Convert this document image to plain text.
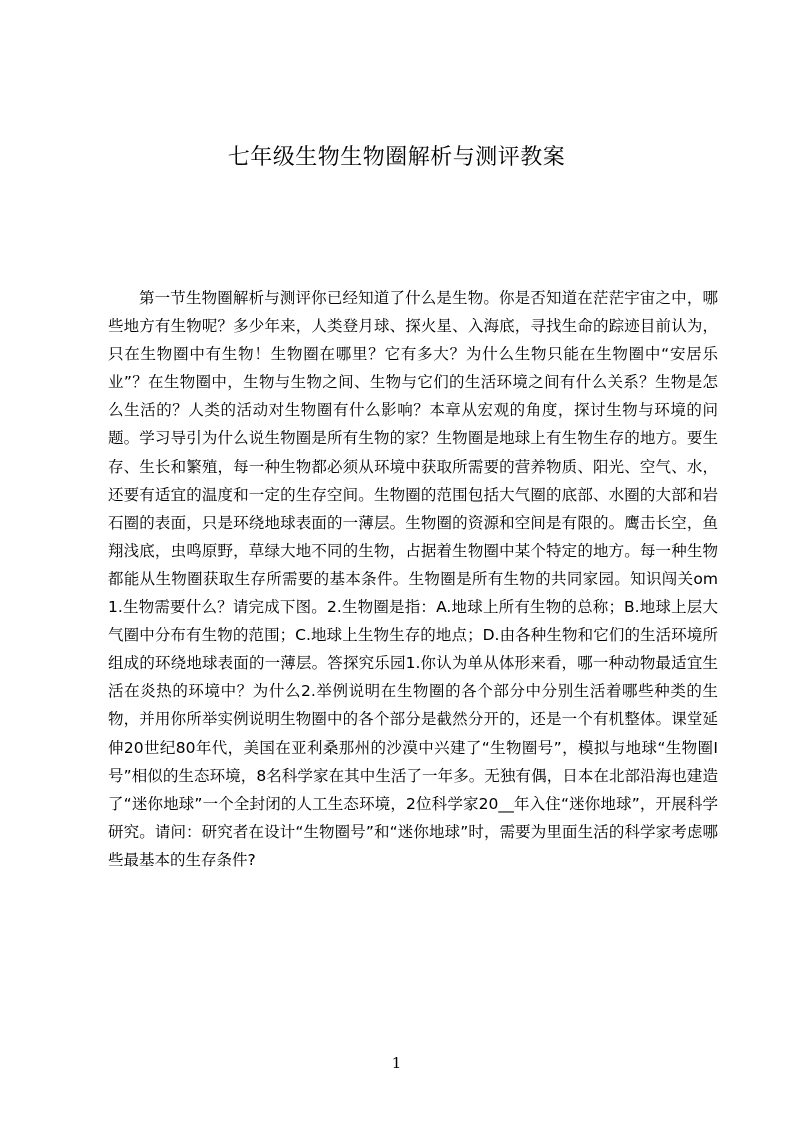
七年级生物生物圈解析与测评教案

第一节生物圈解析与测评你已经知道了什么是生物。你是否知道在茫茫宇宙之中，哪些地方有生物呢？多少年来，人类登月球、探火星、入海底，寻找生命的踪迹目前认为，只在生物圈中有生物！生物圈在哪里？它有多大？为什么生物只能在生物圈中“安居乐业”？在生物圈中，生物与生物之间、生物与它们的生活环境之间有什么关系？生物是怎么生活的？人类的活动对生物圈有什么影响？本章从宏观的角度，探讨生物与环境的问题。学习导引为什么说生物圈是所有生物的家？生物圈是地球上有生物生存的地方。要生存、生长和繁殖，每一种生物都必须从环境中获取所需要的营养物质、阳光、空气、水，还要有适宜的温度和一定的生存空间。生物圈的范围包括大气圈的底部、水圈的大部和岩石圈的表面，只是环绕地球表面的一薄层。生物圈的资源和空间是有限的。鹰击长空，鱼翔浅底，虫鸣原野，草绿大地不同的生物，占据着生物圈中某个特定的地方。每一种生物都能从生物圈获取生存所需要的基本条件。生物圈是所有生物的共同家园。知识闯关om1.生物需要什么？请完成下图。2.生物圈是指：A.地球上所有生物的总称；B.地球上层大气圈中分布有生物的范围；C.地球上生物生存的地点；D.由各种生物和它们的生活环境所组成的环绕地球表面的一薄层。答探究乐园1.你认为单从体形来看，哪一种动物最适宜生活在炎热的环境中？为什么2.举例说明在生物圈的各个部分中分别生活着哪些种类的生物，并用你所举实例说明生物圈中的各个部分是截然分开的，还是一个有机整体。课堂延伸20世纪80年代，美国在亚利桑那州的沙漠中兴建了“生物圈号”，模拟与地球“生物圈Ⅰ号”相似的生态环境，8名科学家在其中生活了一年多。无独有偶，日本在北部沿海也建造了“迷你地球”一个全封闭的人工生态环境，2位科学家20__年入住“迷你地球”，开展科学研究。请问：研究者在设计“生物圈号”和“迷你地球”时，需要为里面生活的科学家考虑哪些最基本的生存条件?

1
